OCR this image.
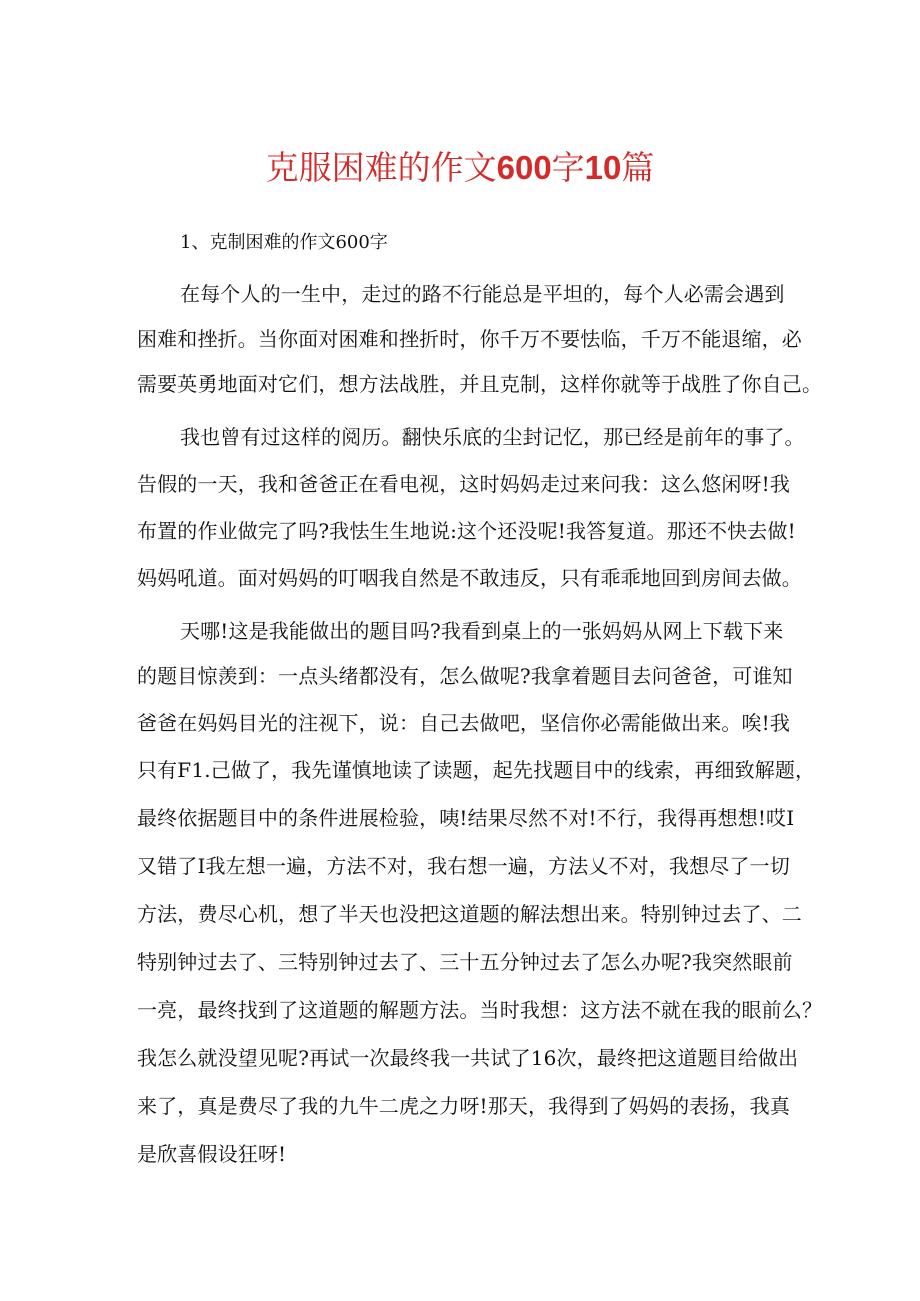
克服困难的作文600字10篇
1、克制困难的作文600字
在每个人的一生中，走过的路不行能总是平坦的，每个人必需会遇到
困难和挫折。当你面对困难和挫折时，你千万不要怯临，千万不能退缩，必
需要英勇地面对它们，想方法战胜，并且克制，这样你就等于战胜了你自己。
我也曾有过这样的阅历。翻快乐底的尘封记忆，那已经是前年的事了。
告假的一天，我和爸爸正在看电视，这时妈妈走过来问我：这么悠闲呀!我
布置的作业做完了吗?我怯生生地说:这个还没呢!我答复道。那还不快去做!
妈妈吼道。面对妈妈的叮咽我自然是不敢违反，只有乖乖地回到房间去做。
天哪!这是我能做出的题目吗?我看到桌上的一张妈妈从网上下载下来
的题目惊羡到：一点头绪都没有，怎么做呢?我拿着题目去问爸爸，可谁知
爸爸在妈妈目光的注视下，说：自己去做吧，坚信你必需能做出来。唉!我
只有F1.己做了，我先谨慎地读了读题，起先找题目中的线索，再细致解题，
最终依据题目中的条件进展检验，咦!结果尽然不对!不行，我得再想想!哎I
又错了I我左想一遍，方法不对，我右想一遍，方法乂不对，我想尽了一切
方法，费尽心机，想了半天也没把这道题的解法想出来。特别钟过去了、二
特别钟过去了、三特别钟过去了、三十五分钟过去了怎么办呢?我突然眼前
一亮，最终找到了这道题的解题方法。当时我想：这方法不就在我的眼前么？
我怎么就没望见呢?再试一次最终我一共试了16次，最终把这道题目给做出
来了，真是费尽了我的九牛二虎之力呀!那天，我得到了妈妈的表扬，我真
是欣喜假设狂呀!
